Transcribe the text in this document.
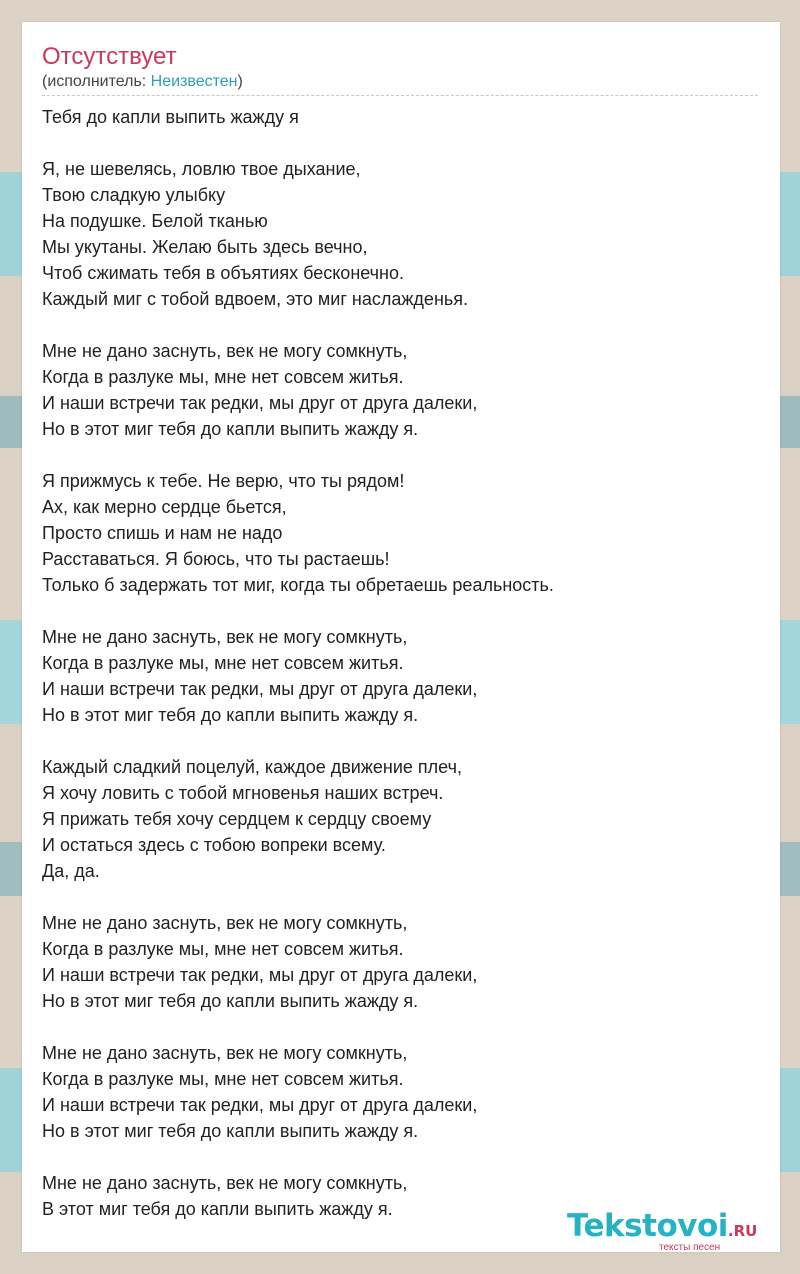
Отсутствует
(исполнитель: Неизвестен)
Тебя до капли выпить жажду я
Я, не шевелясь, ловлю твое дыхание,
Твою сладкую улыбку
На подушке. Белой тканью
Мы укутаны. Желаю быть здесь вечно,
Чтоб сжимать тебя в объятиях бесконечно.
Каждый миг с тобой вдвоем, это миг наслажденья.
Мне не дано заснуть, век не могу сомкнуть,
Когда в разлуке мы, мне нет совсем житья.
И наши встречи так редки, мы друг от друга далеки,
Но в этот миг тебя до капли выпить жажду я.
Я прижмусь к тебе. Не верю, что ты рядом!
Ах, как мерно сердце бьется,
Просто спишь и нам не надо
Расставаться. Я боюсь, что ты растаешь!
Только б задержать тот миг, когда ты обретаешь реальность.
Мне не дано заснуть, век не могу сомкнуть,
Когда в разлуке мы, мне нет совсем житья.
И наши встречи так редки, мы друг от друга далеки,
Но в этот миг тебя до капли выпить жажду я.
Каждый сладкий поцелуй, каждое движение плеч,
Я хочу ловить с тобой мгновенья наших встреч.
Я прижать тебя хочу сердцем к сердцу своему
И остаться здесь с тобою вопреки всему.
Да, да.
Мне не дано заснуть, век не могу сомкнуть,
Когда в разлуке мы, мне нет совсем житья.
И наши встречи так редки, мы друг от друга далеки,
Но в этот миг тебя до капли выпить жажду я.
Мне не дано заснуть, век не могу сомкнуть,
Когда в разлуке мы, мне нет совсем житья.
И наши встречи так редки, мы друг от друга далеки,
Но в этот миг тебя до капли выпить жажду я.
Мне не дано заснуть, век не могу сомкнуть,
В этот миг тебя до капли выпить жажду я.	Tekstovoi.RU
тексты песен
